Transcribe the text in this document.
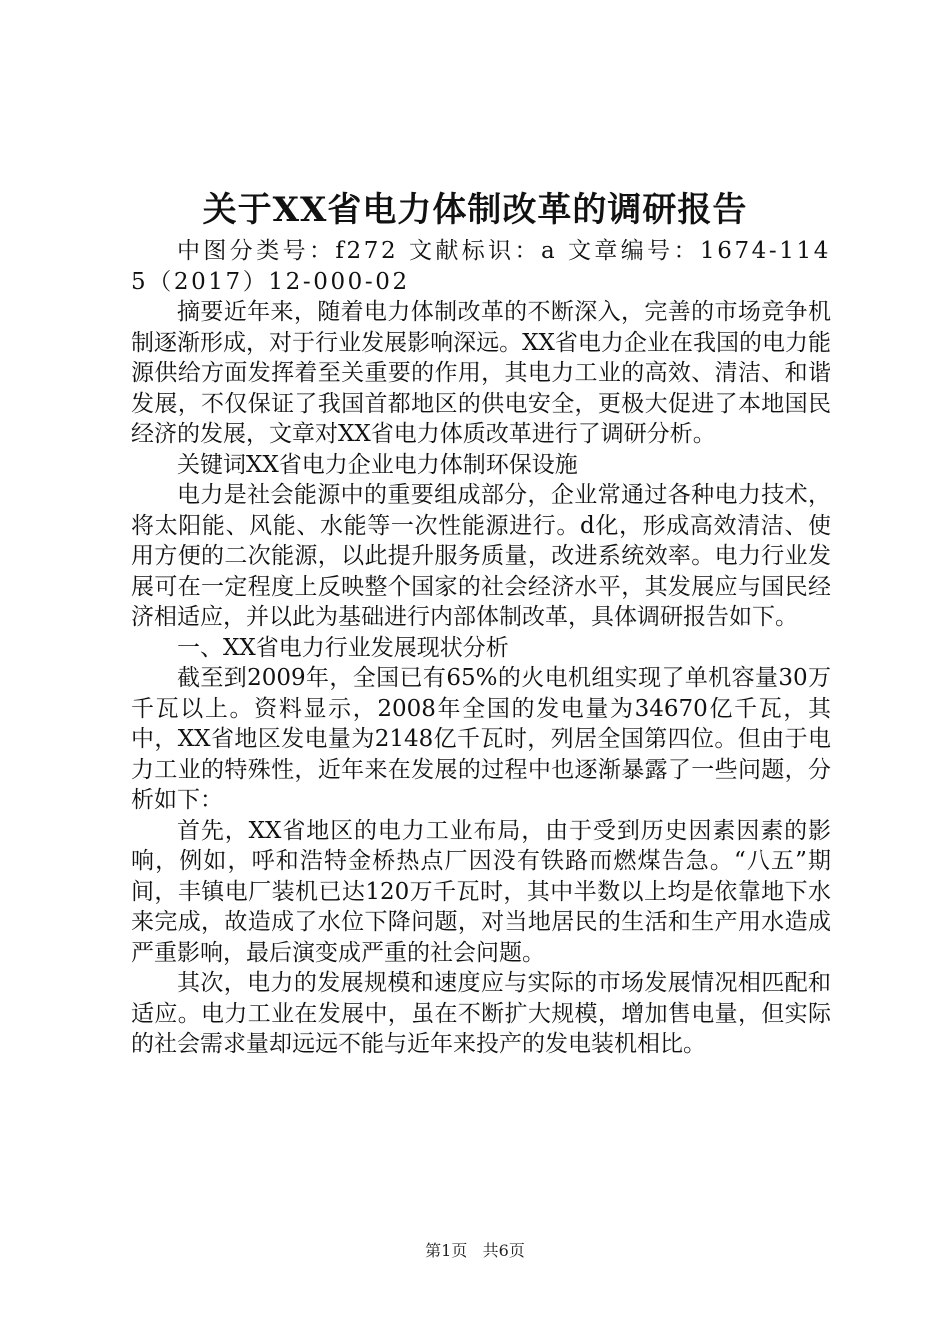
关于XX省电力体制改革的调研报告

中图分类号：f272 文献标识：a 文章编号：1674-1145（2017）12-000-02

摘要近年来，随着电力体制改革的不断深入，完善的市场竞争机制逐渐形成，对于行业发展影响深远。XX省电力企业在我国的电力能源供给方面发挥着至关重要的作用，其电力工业的高效、清洁、和谐发展，不仅保证了我国首都地区的供电安全，更极大促进了本地国民经济的发展，文章对XX省电力体质改革进行了调研分析。

关键词XX省电力企业电力体制环保设施

电力是社会能源中的重要组成部分，企业常通过各种电力技术，将太阳能、风能、水能等一次性能源进行。d化，形成高效清洁、使用方便的二次能源，以此提升服务质量，改进系统效率。电力行业发展可在一定程度上反映整个国家的社会经济水平，其发展应与国民经济相适应，并以此为基础进行内部体制改革，具体调研报告如下。

一、XX省电力行业发展现状分析

截至到2009年，全国已有65%的火电机组实现了单机容量30万千瓦以上。资料显示，2008年全国的发电量为34670亿千瓦，其中，XX省地区发电量为2148亿千瓦时，列居全国第四位。但由于电力工业的特殊性，近年来在发展的过程中也逐渐暴露了一些问题，分析如下：

首先，XX省地区的电力工业布局，由于受到历史因素因素的影响，例如，呼和浩特金桥热点厂因没有铁路而燃煤告急。“八五”期间，丰镇电厂装机已达120万千瓦时，其中半数以上均是依靠地下水来完成，故造成了水位下降问题，对当地居民的生活和生产用水造成严重影响，最后演变成严重的社会问题。

其次，电力的发展规模和速度应与实际的市场发展情况相匹配和适应。电力工业在发展中，虽在不断扩大规模，增加售电量，但实际的社会需求量却远远不能与近年来投产的发电装机相比。

第1页 共6页
